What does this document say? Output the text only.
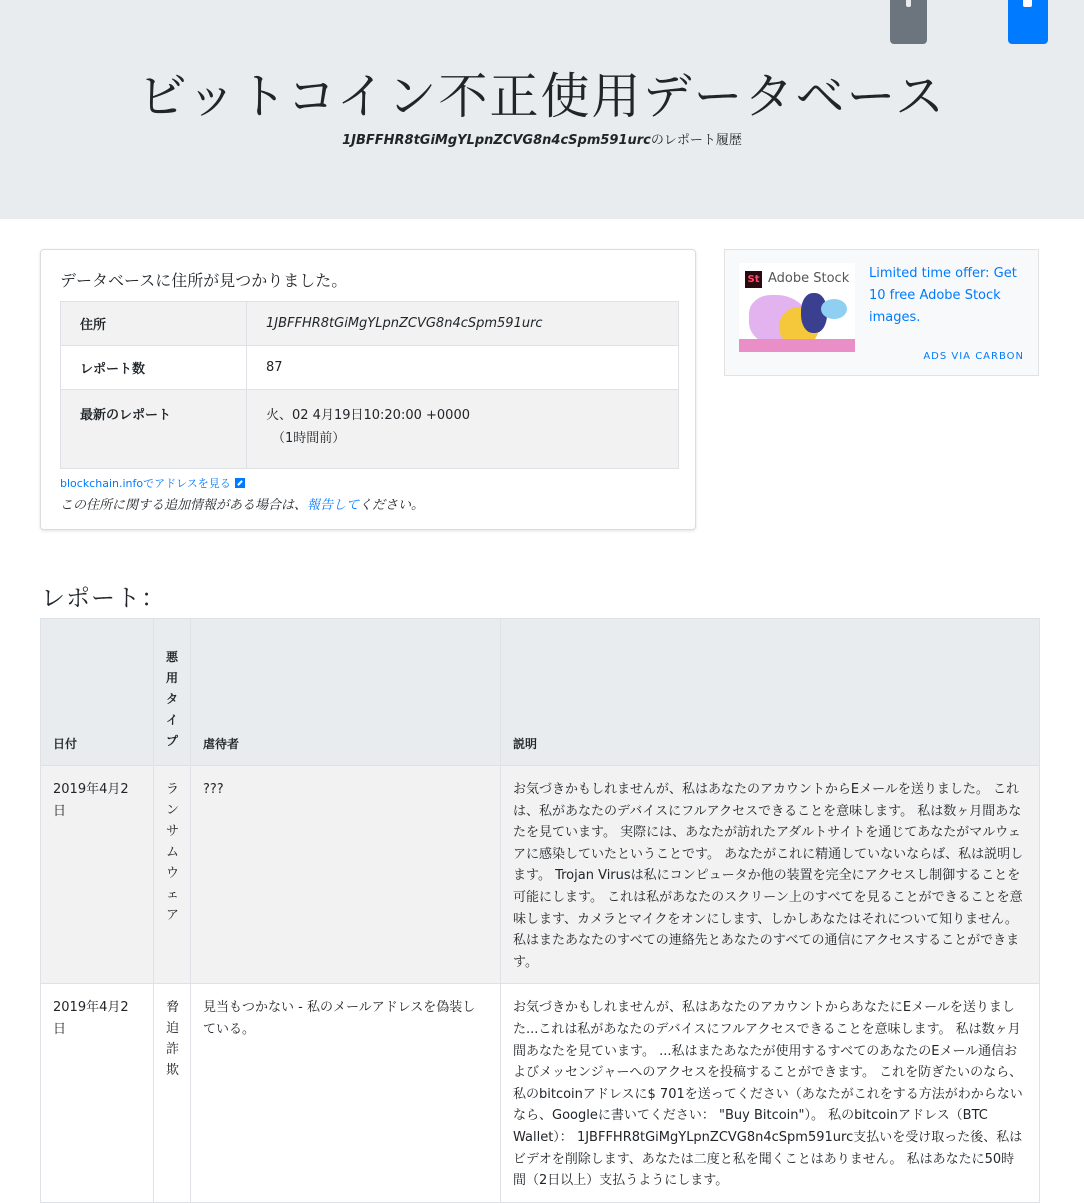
ビットコイン不正使用データベース
1JBFFHR8tGiMgYLpnZCVG8n4cSpm591urcのレポート履歴
データベースに住所が見つかりました。
住所	1JBFFHR8tGiMgYLpnZCVG8n4cSpm591urc
レポート数	87
最新のレポート	火、02 4月19日10:20:00 +0000
（1時間前）
blockchain.infoでアドレスを見る
この住所に関する追加情報がある場合は、報告してください。
St Adobe Stock Limited time offer: Get 10 free Adobe Stock images.
ADS VIA CARBON
レポート：
日付	悪用タイプ	虐待者	説明
2019年4月2日	ランサムウェア	???	お気づきかもしれませんが、私はあなたのアカウントからEメールを送りました。 これは、私があなたのデバイスにフルアクセスできることを意味します。 私は数ヶ月間あなたを見ています。 実際には、あなたが訪れたアダルトサイトを通じてあなたがマルウェアに感染していたということです。 あなたがこれに精通していないならば、私は説明します。 Trojan Virusは私にコンピュータか他の装置を完全にアクセスし制御することを可能にします。 これは私があなたのスクリーン上のすべてを見ることができることを意味します、カメラとマイクをオンにします、しかしあなたはそれについて知りません。 私はまたあなたのすべての連絡先とあなたのすべての通信にアクセスすることができます。
2019年4月2日	脅迫詐欺	見当もつかない - 私のメールアドレスを偽装している。	お気づきかもしれませんが、私はあなたのアカウントからあなたにEメールを送りました...これは私があなたのデバイスにフルアクセスできることを意味します。 私は数ヶ月間あなたを見ています。 ...私はまたあなたが使用するすべてのあなたのEメール通信およびメッセンジャーへのアクセスを投稿することができます。 これを防ぎたいのなら、私のbitcoinアドレスに$ 701を送ってください（あなたがこれをする方法がわからないなら、Googleに書いてください： "Buy Bitcoin"）。 私のbitcoinアドレス（BTC Wallet）： 1JBFFHR8tGiMgYLpnZCVG8n4cSpm591urc支払いを受け取った後、私はビデオを削除します、あなたは二度と私を聞くことはありません。 私はあなたに50時間（2日以上）支払うようにします。
